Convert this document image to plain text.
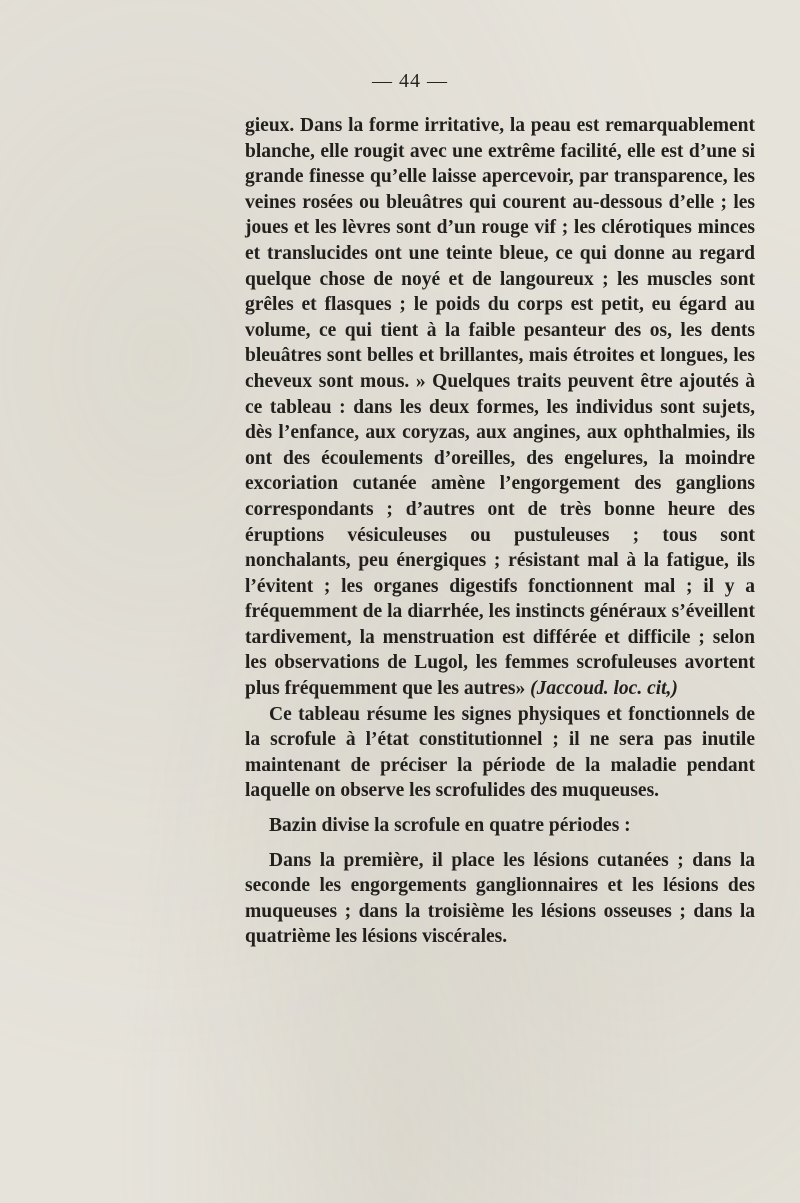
— 44 —

gieux. Dans la forme irritative, la peau est remarquablement blanche, elle rougit avec une extrême facilité, elle est d’une si grande finesse qu’elle laisse apercevoir, par transparence, les veines rosées ou bleuâtres qui courent au-dessous d’elle ; les joues et les lèvres sont d’un rouge vif ; les clérotiques minces et translucides ont une teinte bleue, ce qui donne au regard quelque chose de noyé et de langoureux ; les muscles sont grêles et flasques ; le poids du corps est petit, eu égard au volume, ce qui tient à la faible pesanteur des os, les dents bleuâtres sont belles et brillantes, mais étroites et longues, les cheveux sont mous. » Quelques traits peuvent être ajoutés à ce tableau : dans les deux formes, les individus sont sujets, dès l’enfance, aux coryzas, aux angines, aux ophthalmies, ils ont des écoulements d’oreilles, des engelures, la moindre excoriation cutanée amène l’engorgement des ganglions correspondants ; d’autres ont de très bonne heure des éruptions vésiculeuses ou pustuleuses ; tous sont nonchalants, peu énergiques ; résistant mal à la fatigue, ils l’évitent ; les organes digestifs fonctionnent mal ; il y a fréquemment de la diarrhée, les instincts généraux s’éveillent tardivement, la menstruation est différée et difficile ; selon les observations de Lugol, les femmes scrofuleuses avortent plus fréquemment que les autres» (Jaccoud. loc. cit,)

Ce tableau résume les signes physiques et fonctionnels de la scrofule à l’état constitutionnel ; il ne sera pas inutile maintenant de préciser la période de la maladie pendant laquelle on observe les scrofulides des muqueuses.

Bazin divise la scrofule en quatre périodes :

Dans la première, il place les lésions cutanées ; dans la seconde les engorgements ganglionnaires et les lésions des muqueuses ; dans la troisième les lésions osseuses ; dans la quatrième les lésions viscérales.
